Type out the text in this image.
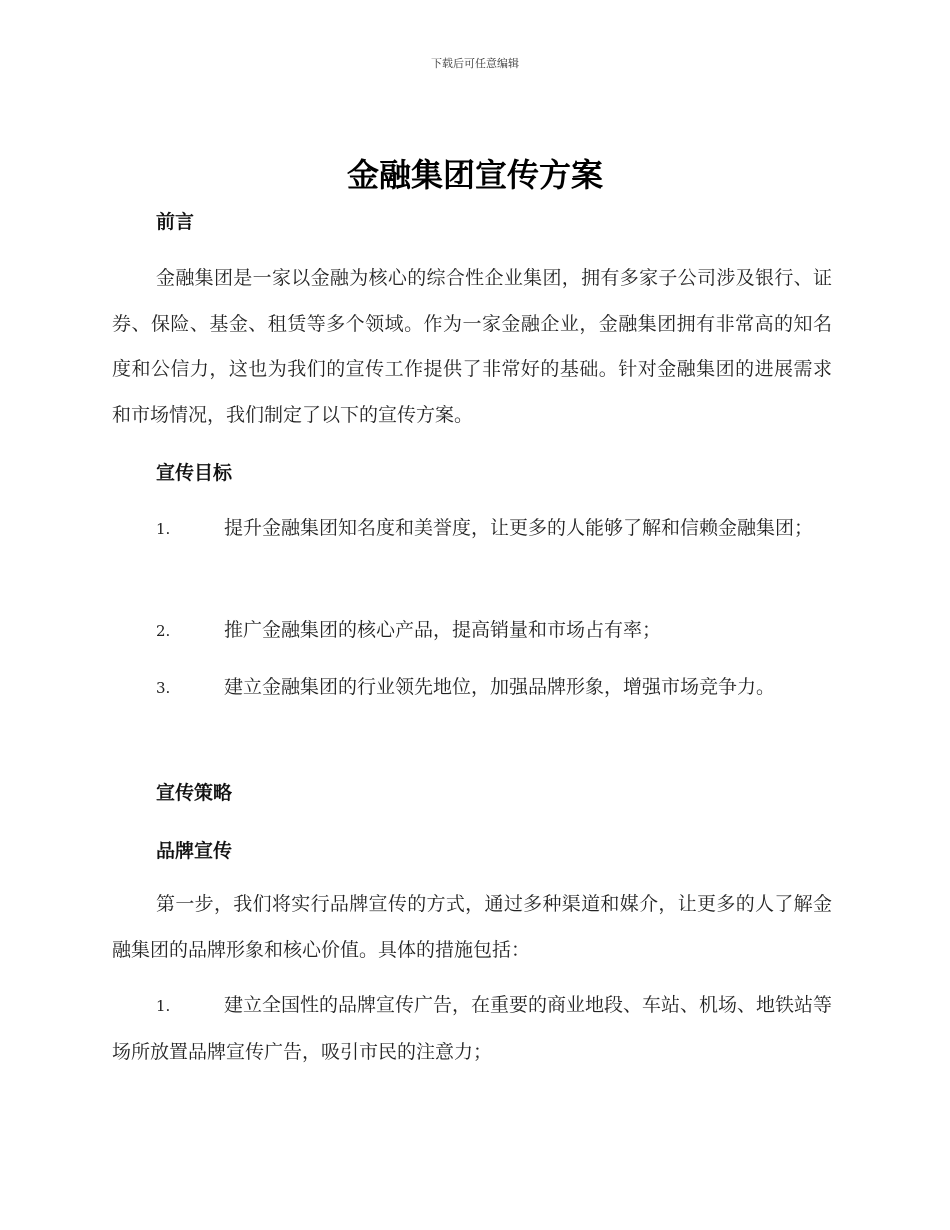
下载后可任意编辑
金融集团宣传方案
前言
金融集团是一家以金融为核心的综合性企业集团，拥有多家子公司涉及银行、证券、保险、基金、租赁等多个领域。作为一家金融企业，金融集团拥有非常高的知名度和公信力，这也为我们的宣传工作提供了非常好的基础。针对金融集团的进展需求和市场情况，我们制定了以下的宣传方案。
宣传目标
1.	提升金融集团知名度和美誉度，让更多的人能够了解和信赖金融集团；
2.	推广金融集团的核心产品，提高销量和市场占有率；
3.	建立金融集团的行业领先地位，加强品牌形象，增强市场竞争力。
宣传策略
品牌宣传
第一步，我们将实行品牌宣传的方式，通过多种渠道和媒介，让更多的人了解金融集团的品牌形象和核心价值。具体的措施包括：
1.	建立全国性的品牌宣传广告，在重要的商业地段、车站、机场、地铁站等场所放置品牌宣传广告，吸引市民的注意力；
